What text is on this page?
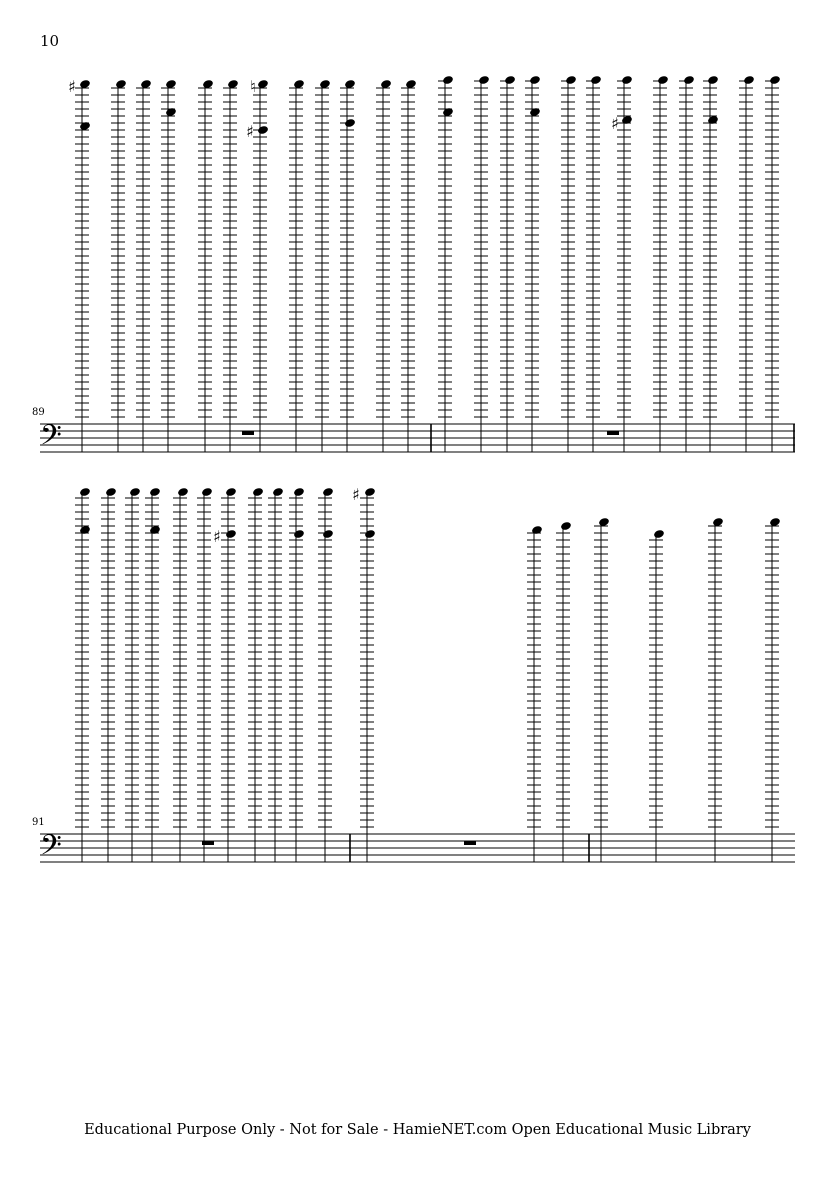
10
𝄢
♯	♮
♯
♯
89
𝄢
♯
♯
91
Educational Purpose Only - Not for Sale - HamieNET.com Open Educational Music Library
